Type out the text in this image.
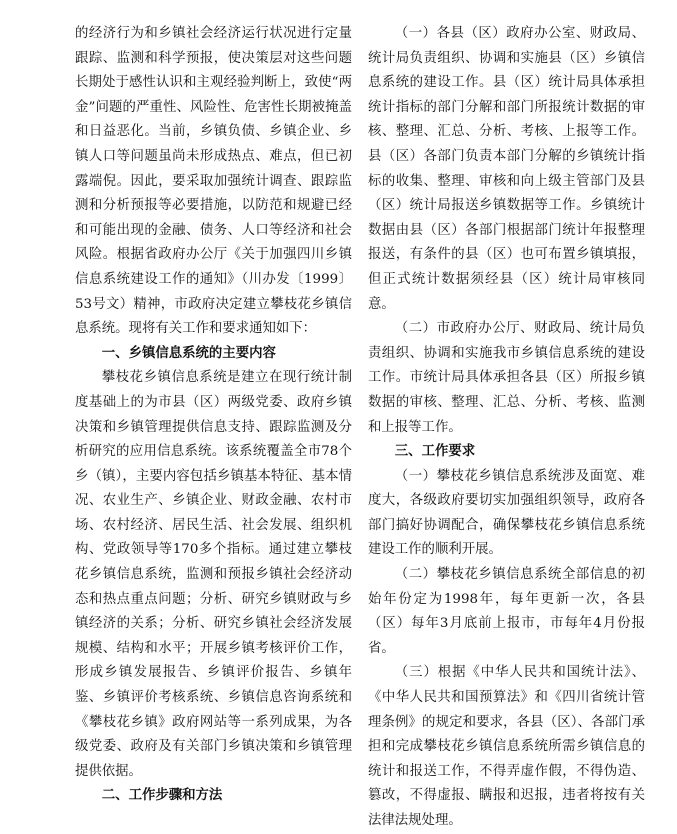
的经济行为和乡镇社会经济运行状况进行定量跟踪、监测和科学预报，使决策层对这些问题长期处于感性认识和主观经验判断上，致使“两金”问题的严重性、风险性、危害性长期被掩盖和日益恶化。当前，乡镇负债、乡镇企业、乡镇人口等问题虽尚未形成热点、难点，但已初露端倪。因此，要采取加强统计调查、跟踪监测和分析预报等必要措施，以防范和规避已经和可能出现的金融、债务、人口等经济和社会风险。根据省政府办公厅《关于加强四川乡镇信息系统建设工作的通知》（川办发〔1999〕53号文）精神，市政府决定建立攀枝花乡镇信息系统。现将有关工作和要求通知如下：

一、乡镇信息系统的主要内容

攀枝花乡镇信息系统是建立在现行统计制度基础上的为市县（区）两级党委、政府乡镇决策和乡镇管理提供信息支持、跟踪监测及分析研究的应用信息系统。该系统覆盖全市78个乡（镇），主要内容包括乡镇基本特征、基本情况、农业生产、乡镇企业、财政金融、农村市场、农村经济、居民生活、社会发展、组织机构、党政领导等170多个指标。通过建立攀枝花乡镇信息系统，监测和预报乡镇社会经济动态和热点重点问题；分析、研究乡镇财政与乡镇经济的关系；分析、研究乡镇社会经济发展规模、结构和水平；开展乡镇考核评价工作，形成乡镇发展报告、乡镇评价报告、乡镇年鉴、乡镇评价考核系统、乡镇信息咨询系统和《攀枝花乡镇》政府网站等一系列成果，为各级党委、政府及有关部门乡镇决策和乡镇管理提供依据。

二、工作步骤和方法

（一）各县（区）政府办公室、财政局、统计局负责组织、协调和实施县（区）乡镇信息系统的建设工作。县（区）统计局具体承担统计指标的部门分解和部门所报统计数据的审核、整理、汇总、分析、考核、上报等工作。县（区）各部门负责本部门分解的乡镇统计指标的收集、整理、审核和向上级主管部门及县（区）统计局报送乡镇数据等工作。乡镇统计数据由县（区）各部门根据部门统计年报整理报送，有条件的县（区）也可布置乡镇填报，但正式统计数据须经县（区）统计局审核同意。

（二）市政府办公厅、财政局、统计局负责组织、协调和实施我市乡镇信息系统的建设工作。市统计局具体承担各县（区）所报乡镇数据的审核、整理、汇总、分析、考核、监测和上报等工作。

三、工作要求

（一）攀枝花乡镇信息系统涉及面宽、难度大，各级政府要切实加强组织领导，政府各部门搞好协调配合，确保攀枝花乡镇信息系统建设工作的顺利开展。

（二）攀枝花乡镇信息系统全部信息的初始年份定为1998年，每年更新一次，各县（区）每年3月底前上报市，市每年4月份报省。

（三）根据《中华人民共和国统计法》、《中华人民共和国预算法》和《四川省统计管理条例》的规定和要求，各县（区）、各部门承担和完成攀枝花乡镇信息系统所需乡镇信息的统计和报送工作，不得弄虚作假，不得伪造、篡改，不得虚报、瞒报和迟报，违者将按有关法律法规处理。
